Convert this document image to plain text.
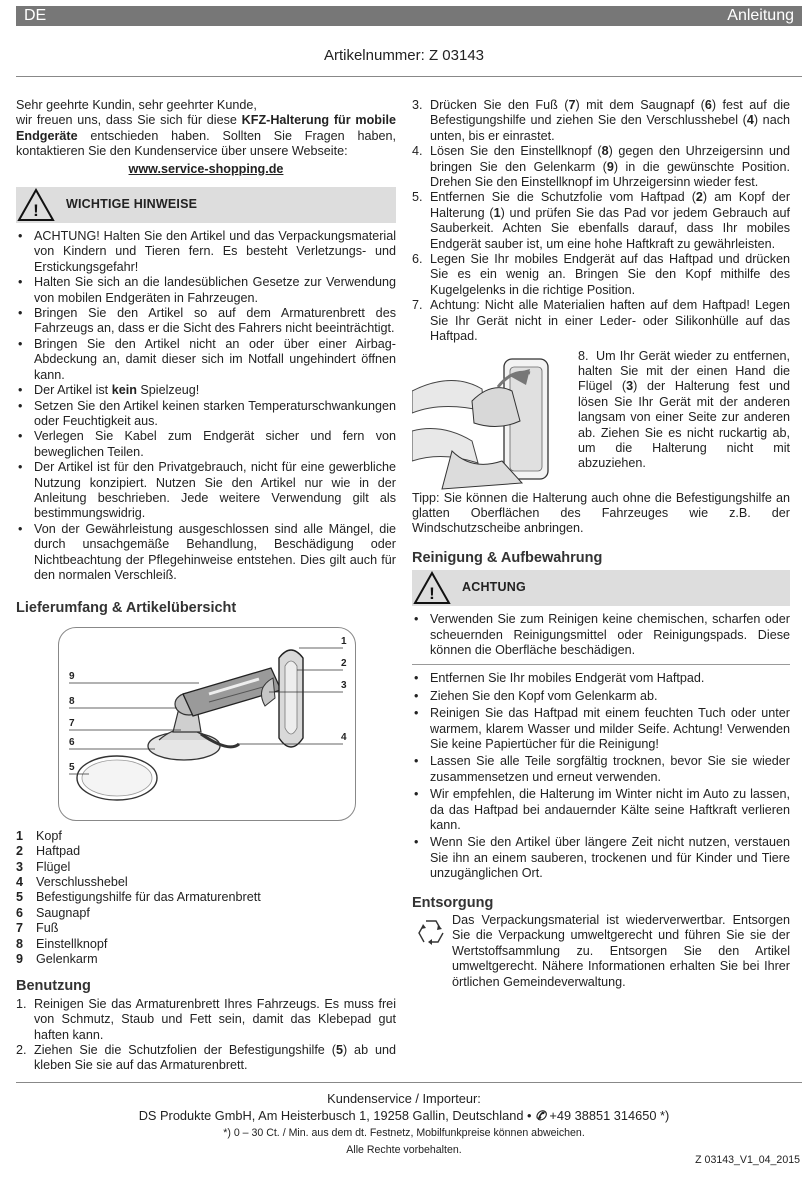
DE	Anleitung
Artikelnummer: Z 03143

Sehr geehrte Kundin, sehr geehrter Kunde,

wir freuen uns, dass Sie sich für diese KFZ-Halterung für mobile Endgeräte entschieden haben. Sollten Sie Fragen haben, kontaktieren Sie den Kundenservice über unsere Webseite:

www.service-shopping.de

! WICHTIGE HINWEISE
• ACHTUNG! Halten Sie den Artikel und das Verpackungsmaterial von Kindern und Tieren fern. Es besteht Verletzungs- und Erstickungsgefahr!
• Halten Sie sich an die landesüblichen Gesetze zur Verwendung von mobilen Endgeräten in Fahrzeugen.
• Bringen Sie den Artikel so auf dem Armaturenbrett des Fahrzeugs an, dass er die Sicht des Fahrers nicht beeinträchtigt.
• Bringen Sie den Artikel nicht an oder über einer Airbag-Abdeckung an, damit dieser sich im Notfall ungehindert öffnen kann.
• Der Artikel ist kein Spielzeug!
• Setzen Sie den Artikel keinen starken Temperaturschwankungen oder Feuchtigkeit aus.
• Verlegen Sie Kabel zum Endgerät sicher und fern von beweglichen Teilen.
• Der Artikel ist für den Privatgebrauch, nicht für eine gewerbliche Nutzung konzipiert. Nutzen Sie den Artikel nur wie in der Anleitung beschrieben. Jede weitere Verwendung gilt als bestimmungswidrig.
• Von der Gewährleistung ausgeschlossen sind alle Mängel, die durch unsachgemäße Behandlung, Beschädigung oder Nichtbeachtung der Pflegehinweise entstehen. Dies gilt auch für den normalen Verschleiß.
Lieferumfang & Artikelübersicht
1
2
3
4
5
6
7
8
9
1 Kopf
2 Haftpad
3 Flügel
4 Verschlusshebel
5 Befestigungshilfe für das Armaturenbrett
6 Saugnapf
7 Fuß
8 Einstellknopf
9 Gelenkarm
Benutzung
1. Reinigen Sie das Armaturenbrett Ihres Fahrzeugs. Es muss frei von Schmutz, Staub und Fett sein, damit das Klebepad gut haften kann.
2. Ziehen Sie die Schutzfolien der Befestigungshilfe (5) ab und kleben Sie sie auf das Armaturenbrett.
3. Drücken Sie den Fuß (7) mit dem Saugnapf (6) fest auf die Befestigungshilfe und ziehen Sie den Verschlusshebel (4) nach unten, bis er einrastet.
4. Lösen Sie den Einstellknopf (8) gegen den Uhrzeigersinn und bringen Sie den Gelenkarm (9) in die gewünschte Position. Drehen Sie den Einstellknopf im Uhrzeigersinn wieder fest.
5. Entfernen Sie die Schutzfolie vom Haftpad (2) am Kopf der Halterung (1) und prüfen Sie das Pad vor jedem Gebrauch auf Sauberkeit. Achten Sie ebenfalls darauf, dass Ihr mobiles Endgerät sauber ist, um eine hohe Haftkraft zu gewährleisten.
6. Legen Sie Ihr mobiles Endgerät auf das Haftpad und drücken Sie es ein wenig an. Bringen Sie den Kopf mithilfe des Kugelgelenks in die richtige Position.
7. Achtung: Nicht alle Materialien haften auf dem Haftpad! Legen Sie Ihr Gerät nicht in einer Leder- oder Silikonhülle auf das Haftpad.
8. Um Ihr Gerät wieder zu entfernen, halten Sie mit der einen Hand die Flügel (3) der Halterung fest und lösen Sie Ihr Gerät mit der anderen langsam von einer Seite zur anderen ab. Ziehen Sie es nicht ruckartig ab, um die Halterung nicht mit abzuziehen.

Tipp: Sie können die Halterung auch ohne die Befestigungshilfe an glatten Oberflächen des Fahrzeuges wie z.B. der Windschutzscheibe anbringen.

Reinigung & Aufbewahrung
! ACHTUNG
• Verwenden Sie zum Reinigen keine chemischen, scharfen oder scheuernden Reinigungsmittel oder Reinigungspads. Diese können die Oberfläche beschädigen.
• Entfernen Sie Ihr mobiles Endgerät vom Haftpad.
• Ziehen Sie den Kopf vom Gelenkarm ab.
• Reinigen Sie das Haftpad mit einem feuchten Tuch oder unter warmem, klarem Wasser und milder Seife. Achtung! Verwenden Sie keine Papiertücher für die Reinigung!
• Lassen Sie alle Teile sorgfältig trocknen, bevor Sie sie wieder zusammensetzen und erneut verwenden.
• Wir empfehlen, die Halterung im Winter nicht im Auto zu lassen, da das Haftpad bei andauernder Kälte seine Haftkraft verlieren kann.
• Wenn Sie den Artikel über längere Zeit nicht nutzen, verstauen Sie ihn an einem sauberen, trockenen und für Kinder und Tiere unzugänglichen Ort.
Entsorgung

Das Verpackungsmaterial ist wiederverwertbar. Entsorgen Sie die Verpackung umweltgerecht und führen Sie sie der Wertstoffsammlung zu. Entsorgen Sie den Artikel umweltgerecht. Nähere Informationen erhalten Sie bei Ihrer örtlichen Gemeindeverwaltung.

Kundenservice / Importeur:
DS Produkte GmbH, Am Heisterbusch 1, 19258 Gallin, Deutschland • ✆ +49 38851 314650 *)
*) 0 – 30 Ct. / Min. aus dem dt. Festnetz, Mobilfunkpreise können abweichen.
Alle Rechte vorbehalten.
Z 03143_V1_04_2015
